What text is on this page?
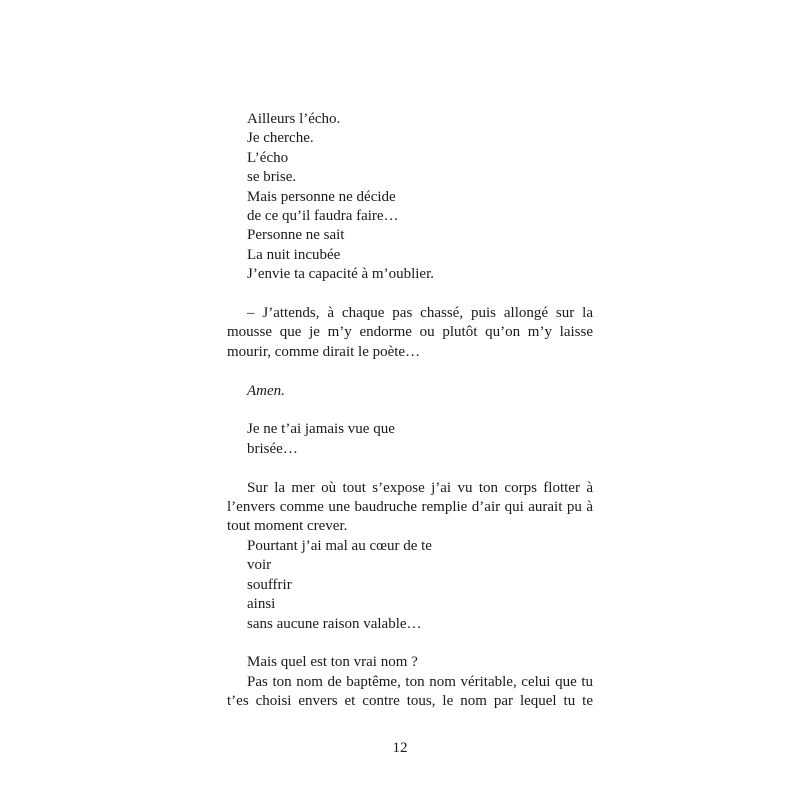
Ailleurs l’écho.
Je cherche.
L’écho
se brise.
Mais personne ne décide
de ce qu’il faudra faire…
Personne ne sait
La nuit incubée
J’envie ta capacité à m’oublier.
– J’attends, à chaque pas chassé, puis allongé sur la mousse que je m’y endorme ou plutôt qu’on m’y laisse mourir, comme dirait le poète…
Amen.
Je ne t’ai jamais vue que
brisée…
Sur la mer où tout s’expose j’ai vu ton corps flotter à l’envers comme une baudruche remplie d’air qui aurait pu à tout moment crever.
Pourtant j’ai mal au cœur de te
voir
souffrir
ainsi
sans aucune raison valable…
Mais quel est ton vrai nom ?
Pas ton nom de baptême, ton nom véritable, celui que tu t’es choisi envers et contre tous, le nom par lequel tu te
12
